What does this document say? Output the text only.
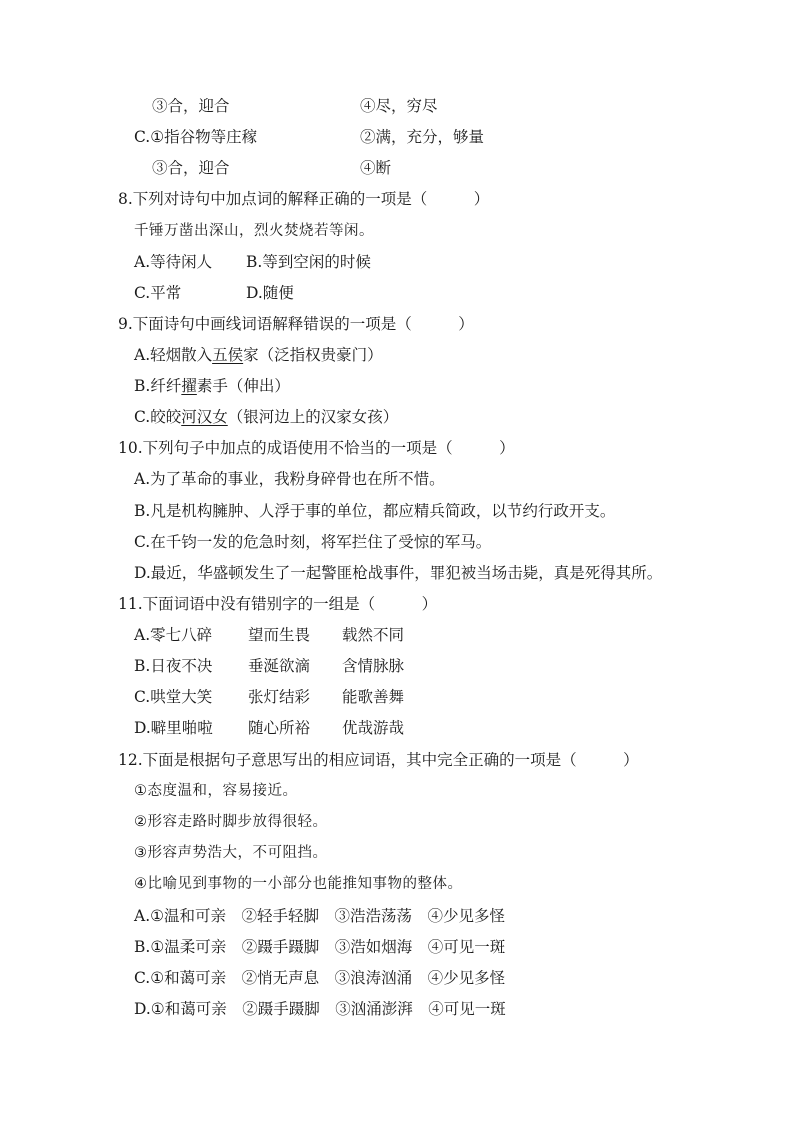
③合，迎合	④尽，穷尽
C.①指谷物等庄稼	②满，充分，够量
③合，迎合	④断
8.下列对诗句中加点词的解释正确的一项是（　　　）
千锤万凿出深山，烈火焚烧若等闲。
A.等待闲人 B.等到空闲的时候
C.平常	D.随便
9.下面诗句中画线词语解释错误的一项是（　　　）
A.轻烟散入五侯家（泛指权贵豪门）
B.纤纤擢素手（伸出）
C.皎皎河汉女（银河边上的汉家女孩）
10.下列句子中加点的成语使用不恰当的一项是（　　　）
A.为了革命的事业，我粉身碎骨也在所不惜。
B.凡是机构臃肿、人浮于事的单位，都应精兵简政，以节约行政开支。
C.在千钧一发的危急时刻，将军拦住了受惊的军马。
D.最近，华盛顿发生了一起警匪枪战事件，罪犯被当场击毙，真是死得其所。
11.下面词语中没有错别字的一组是（　　　）
A.零七八碎 望而生畏 载然不同
B.日夜不决 垂涎欲滴 含情脉脉
C.哄堂大笑 张灯结彩 能歌善舞
D.噼里啪啦 随心所裕 优哉游哉
12.下面是根据句子意思写出的相应词语，其中完全正确的一项是（　　　）
①态度温和，容易接近。
②形容走路时脚步放得很轻。
③形容声势浩大，不可阻挡。
④比喻见到事物的一小部分也能推知事物的整体。
A.①温和可亲　②轻手轻脚　③浩浩荡荡　④少见多怪
B.①温柔可亲　②蹑手蹑脚　③浩如烟海　④可见一斑
C.①和蔼可亲　②悄无声息　③浪涛汹涌　④少见多怪
D.①和蔼可亲　②蹑手蹑脚　③汹涌澎湃　④可见一斑
